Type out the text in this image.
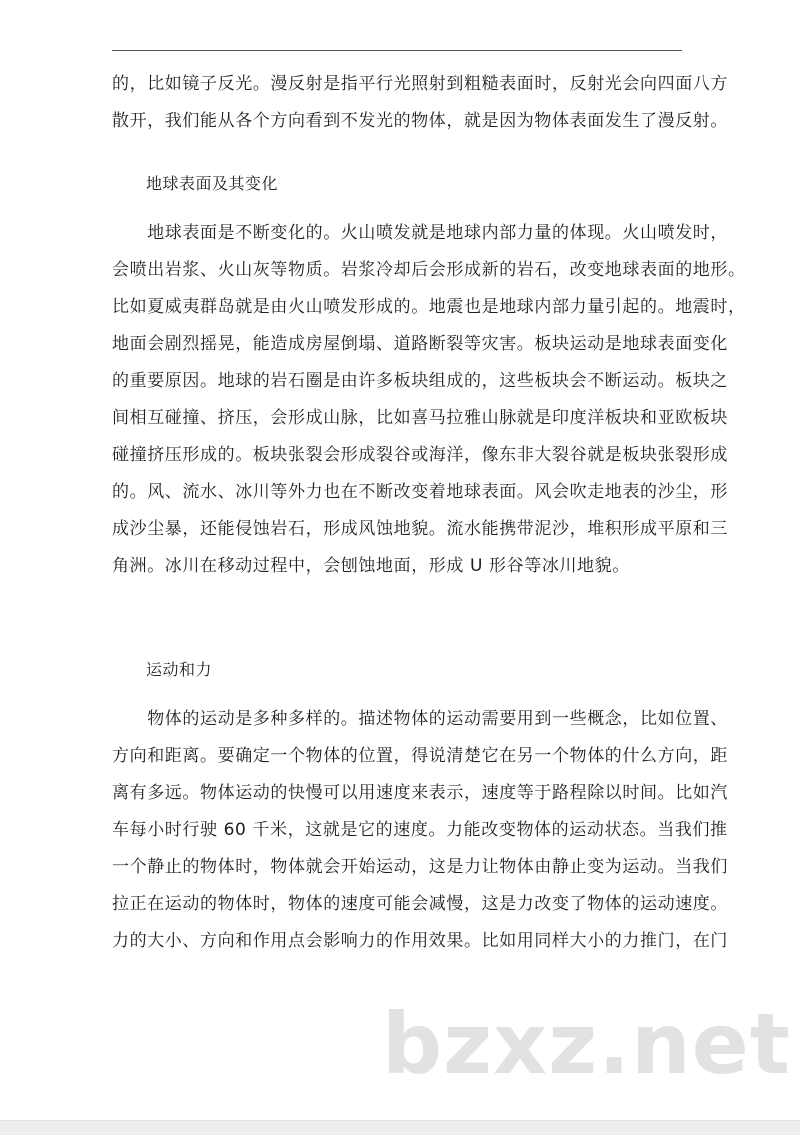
的，比如镜子反光。漫反射是指平行光照射到粗糙表面时，反射光会向四面八方
散开，我们能从各个方向看到不发光的物体，就是因为物体表面发生了漫反射。
地球表面及其变化
　　地球表面是不断变化的。火山喷发就是地球内部力量的体现。火山喷发时，
会喷出岩浆、火山灰等物质。岩浆冷却后会形成新的岩石，改变地球表面的地形。
比如夏威夷群岛就是由火山喷发形成的。地震也是地球内部力量引起的。地震时，
地面会剧烈摇晃，能造成房屋倒塌、道路断裂等灾害。板块运动是地球表面变化
的重要原因。地球的岩石圈是由许多板块组成的，这些板块会不断运动。板块之
间相互碰撞、挤压，会形成山脉，比如喜马拉雅山脉就是印度洋板块和亚欧板块
碰撞挤压形成的。板块张裂会形成裂谷或海洋，像东非大裂谷就是板块张裂形成
的。风、流水、冰川等外力也在不断改变着地球表面。风会吹走地表的沙尘，形
成沙尘暴，还能侵蚀岩石，形成风蚀地貌。流水能携带泥沙，堆积形成平原和三
角洲。冰川在移动过程中，会刨蚀地面，形成 U 形谷等冰川地貌。
运动和力
　　物体的运动是多种多样的。描述物体的运动需要用到一些概念，比如位置、
方向和距离。要确定一个物体的位置，得说清楚它在另一个物体的什么方向，距
离有多远。物体运动的快慢可以用速度来表示，速度等于路程除以时间。比如汽
车每小时行驶 60 千米，这就是它的速度。力能改变物体的运动状态。当我们推
一个静止的物体时，物体就会开始运动，这是力让物体由静止变为运动。当我们
拉正在运动的物体时，物体的速度可能会减慢，这是力改变了物体的运动速度。
力的大小、方向和作用点会影响力的作用效果。比如用同样大小的力推门，在门
bzxz.net
